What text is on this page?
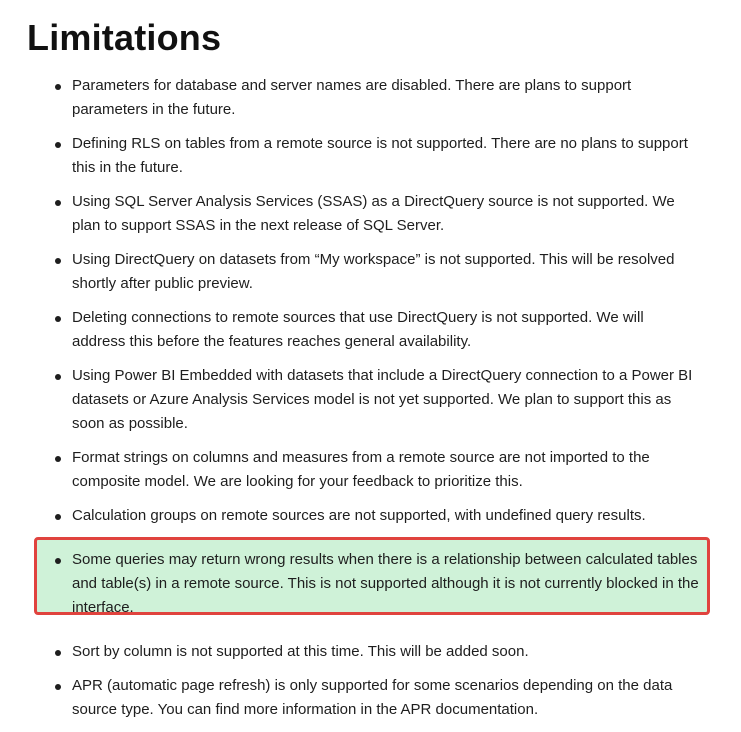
Limitations
Parameters for database and server names are disabled. There are plans to support parameters in the future.
Defining RLS on tables from a remote source is not supported. There are no plans to support this in the future.
Using SQL Server Analysis Services (SSAS) as a DirectQuery source is not supported. We plan to support SSAS in the next release of SQL Server.
Using DirectQuery on datasets from “My workspace” is not supported. This will be resolved shortly after public preview.
Deleting connections to remote sources that use DirectQuery is not supported. We will address this before the features reaches general availability.
Using Power BI Embedded with datasets that include a DirectQuery connection to a Power BI datasets or Azure Analysis Services model is not yet supported. We plan to support this as soon as possible.
Format strings on columns and measures from a remote source are not imported to the composite model. We are looking for your feedback to prioritize this.
Calculation groups on remote sources are not supported, with undefined query results.
Some queries may return wrong results when there is a relationship between calculated tables and table(s) in a remote source. This is not supported although it is not currently blocked in the interface.
Sort by column is not supported at this time. This will be added soon.
APR (automatic page refresh) is only supported for some scenarios depending on the data source type. You can find more information in the APR documentation.
